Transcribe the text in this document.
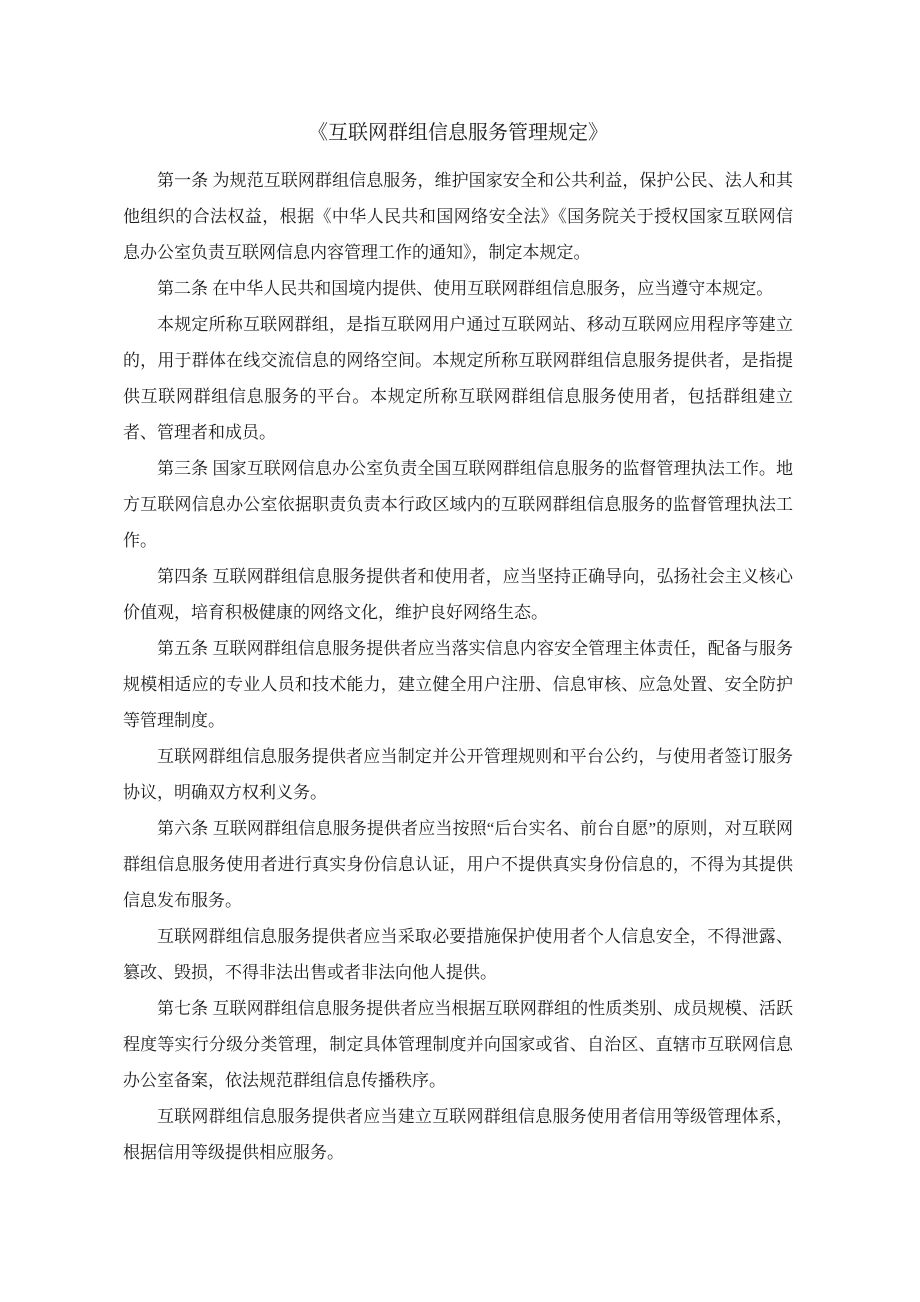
《互联网群组信息服务管理规定》

第一条 为规范互联网群组信息服务，维护国家安全和公共利益，保护公民、法人和其他组织的合法权益，根据《中华人民共和国网络安全法》《国务院关于授权国家互联网信息办公室负责互联网信息内容管理工作的通知》，制定本规定。

第二条 在中华人民共和国境内提供、使用互联网群组信息服务，应当遵守本规定。

本规定所称互联网群组，是指互联网用户通过互联网站、移动互联网应用程序等建立的，用于群体在线交流信息的网络空间。本规定所称互联网群组信息服务提供者，是指提供互联网群组信息服务的平台。本规定所称互联网群组信息服务使用者，包括群组建立者、管理者和成员。

第三条 国家互联网信息办公室负责全国互联网群组信息服务的监督管理执法工作。地方互联网信息办公室依据职责负责本行政区域内的互联网群组信息服务的监督管理执法工作。

第四条 互联网群组信息服务提供者和使用者，应当坚持正确导向，弘扬社会主义核心价值观，培育积极健康的网络文化，维护良好网络生态。

第五条 互联网群组信息服务提供者应当落实信息内容安全管理主体责任，配备与服务规模相适应的专业人员和技术能力，建立健全用户注册、信息审核、应急处置、安全防护等管理制度。

互联网群组信息服务提供者应当制定并公开管理规则和平台公约，与使用者签订服务协议，明确双方权利义务。

第六条 互联网群组信息服务提供者应当按照“后台实名、前台自愿”的原则，对互联网群组信息服务使用者进行真实身份信息认证，用户不提供真实身份信息的，不得为其提供信息发布服务。

互联网群组信息服务提供者应当采取必要措施保护使用者个人信息安全，不得泄露、篡改、毁损，不得非法出售或者非法向他人提供。

第七条 互联网群组信息服务提供者应当根据互联网群组的性质类别、成员规模、活跃程度等实行分级分类管理，制定具体管理制度并向国家或省、自治区、直辖市互联网信息办公室备案，依法规范群组信息传播秩序。

互联网群组信息服务提供者应当建立互联网群组信息服务使用者信用等级管理体系，根据信用等级提供相应服务。
